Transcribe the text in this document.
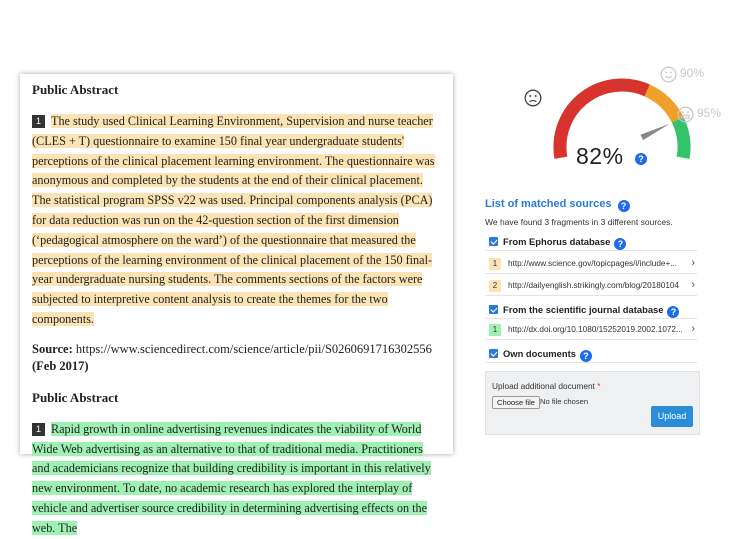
Public Abstract

1 The study used Clinical Learning Environment, Supervision and nurse teacher (CLES + T) questionnaire to examine 150 final year undergraduate students' perceptions of the clinical placement learning environment. The questionnaire was anonymous and completed by the students at the end of their clinical placement. The statistical program SPSS v22 was used. Principal components analysis (PCA) for data reduction was run on the 42-question section of the first dimension (‘pedagogical atmosphere on the ward’) of the questionnaire that measured the perceptions of the learning environment of the clinical placement of the 150 final-year undergraduate nursing students. The comments sections of the factors were subjected to interpretive content analysis to create the themes for the two components.

Source: https://www.sciencedirect.com/science/article/pii/S0260691716302556 (Feb 2017)
Public Abstract

1 Rapid growth in online advertising revenues indicates the viability of World Wide Web advertising as an alternative to that of traditional media. Practitioners and academicians recognize that building credibility is important in this relatively new environment. To date, no academic research has explored the interplay of vehicle and advertiser source credibility in determining advertising effects on the web. The

90%
95%
82%	?
List of matched sources ?
We have found 3 fragments in 3 different sources.
From Ephorus database ?
1	http://www.science.gov/topicpages/i/include+...	›
2	http://dailyenglish.strikingly.com/blog/20180104	›
From the scientific journal database ?
1	http://dx.doi.org/10.1080/15252019.2002.1072... ›
Own documents ?
Upload additional document *
Choose file No file chosen
Upload
